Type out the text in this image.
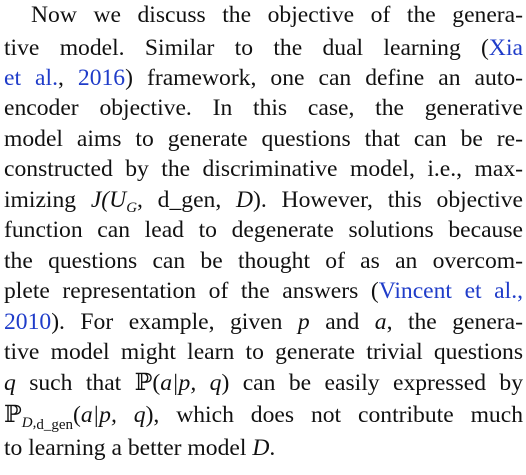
Now we discuss the objective of the genera-
tive model. Similar to the dual learning (Xia
et al., 2016) framework, one can define an auto-
encoder objective. In this case, the generative
model aims to generate questions that can be re-
constructed by the discriminative model, i.e., max-
imizing $J(U_G$, d_gen, D). However, this objective
function can lead to degenerate solutions because
the questions can be thought of as an overcom-
plete representation of the answers (Vincent et al.,
2010). For example, given p and a, the genera-
tive model might learn to generate trivial questions
q such that ℙ(a|p, q) can be easily expressed by
ℙ$_{D,d\_gen}$(a|p, q), which does not contribute much
to learning a better model D.
